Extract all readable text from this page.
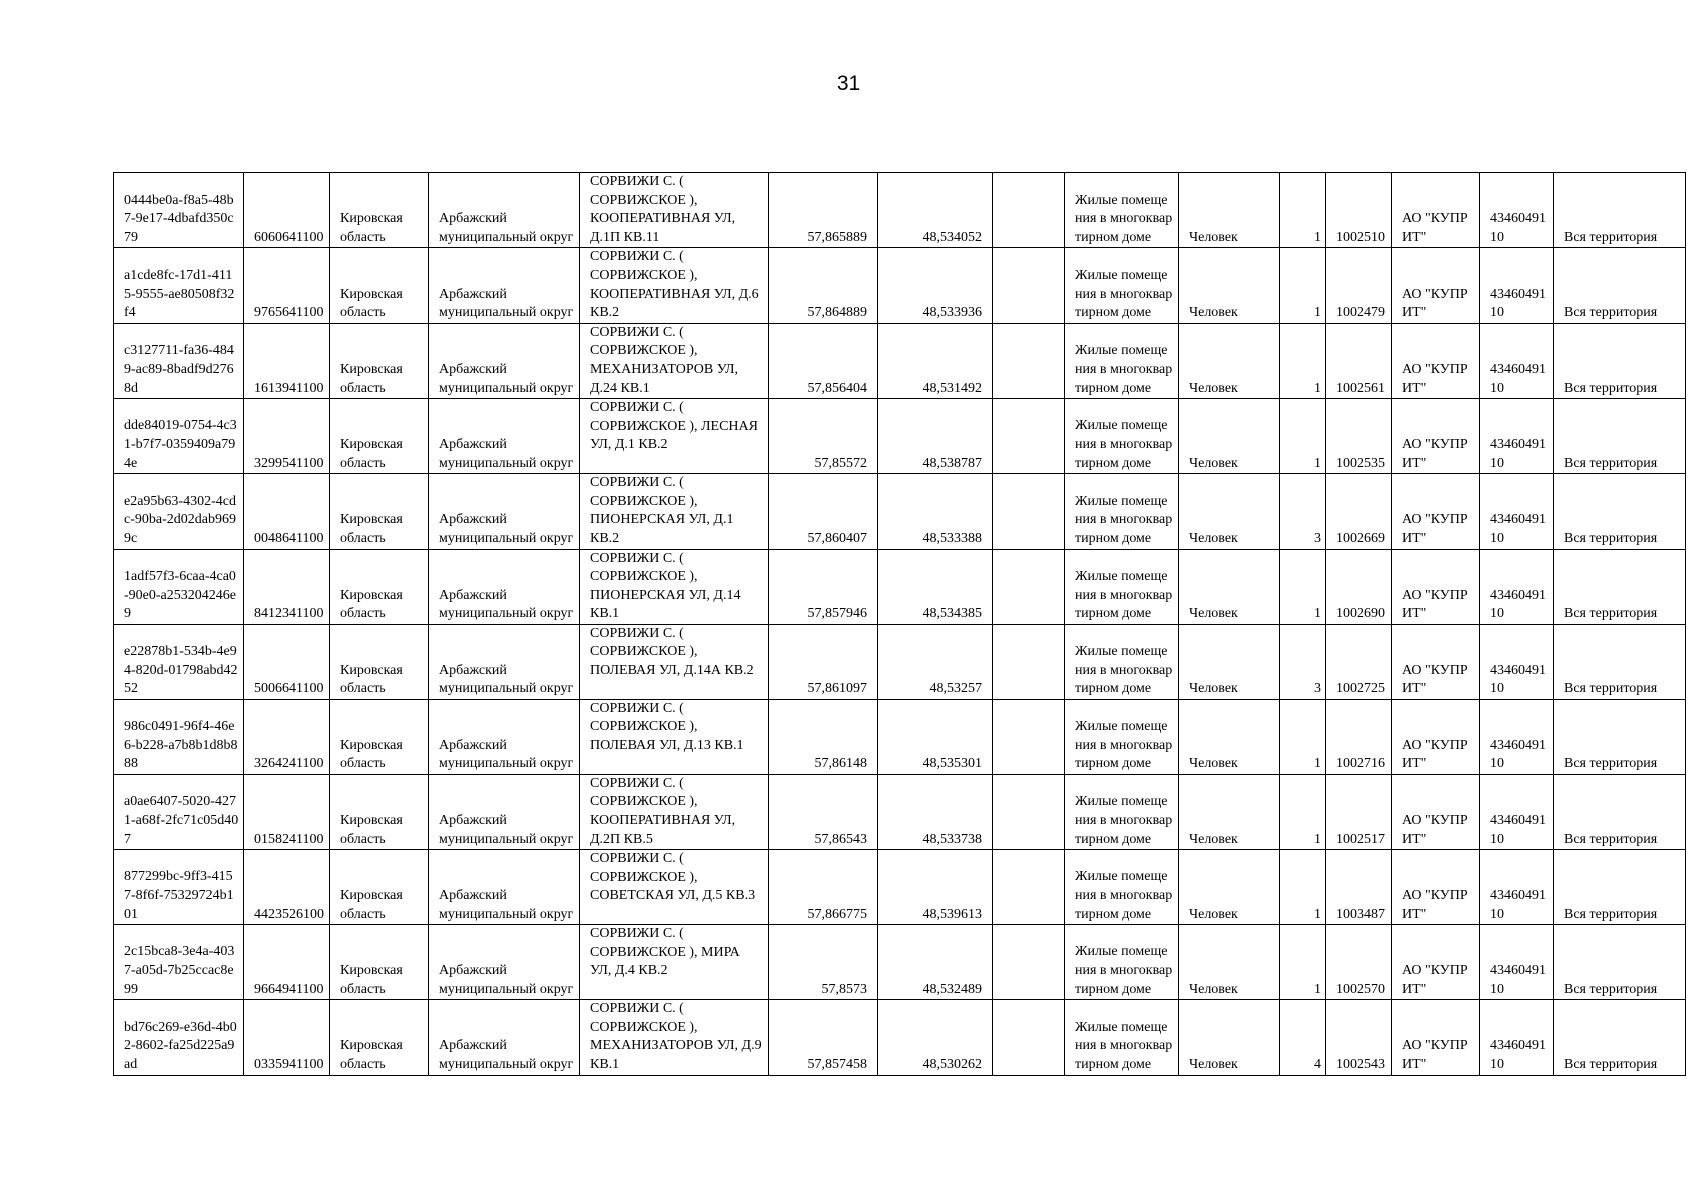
31
0444be0a-f8a5-48b7-9e17-4dbafd350c79	6060641100	Кировская область	Арбажский муниципальный округ	СОРВИЖИ С. ( СОРВИЖСКОЕ ), КООПЕРАТИВНАЯ УЛ, Д.1П КВ.11	57,865889	48,534052		Жилые помещения в многоквартирном доме	Человек	1	1002510	АО "КУПРИТ"	4346049110	Вся территория
a1cde8fc-17d1-4115-9555-ae80508f32f4	9765641100	Кировская область	Арбажский муниципальный округ	СОРВИЖИ С. ( СОРВИЖСКОЕ ), КООПЕРАТИВНАЯ УЛ, Д.6 КВ.2	57,864889	48,533936		Жилые помещения в многоквартирном доме	Человек	1	1002479	АО "КУПРИТ"	4346049110	Вся территория
c3127711-fa36-4849-ac89-8badf9d2768d	1613941100	Кировская область	Арбажский муниципальный округ	СОРВИЖИ С. ( СОРВИЖСКОЕ ), МЕХАНИЗАТОРОВ УЛ, Д.24 КВ.1	57,856404	48,531492		Жилые помещения в многоквартирном доме	Человек	1	1002561	АО "КУПРИТ"	4346049110	Вся территория
dde84019-0754-4c31-b7f7-0359409a794e	3299541100	Кировская область	Арбажский муниципальный округ	СОРВИЖИ С. ( СОРВИЖСКОЕ ), ЛЕСНАЯ УЛ, Д.1 КВ.2	57,85572	48,538787		Жилые помещения в многоквартирном доме	Человек	1	1002535	АО "КУПРИТ"	4346049110	Вся территория
e2a95b63-4302-4cdc-90ba-2d02dab9699c	0048641100	Кировская область	Арбажский муниципальный округ	СОРВИЖИ С. ( СОРВИЖСКОЕ ), ПИОНЕРСКАЯ УЛ, Д.1 КВ.2	57,860407	48,533388		Жилые помещения в многоквартирном доме	Человек	3	1002669	АО "КУПРИТ"	4346049110	Вся территория
1adf57f3-6caa-4ca0-90e0-a253204246e9	8412341100	Кировская область	Арбажский муниципальный округ	СОРВИЖИ С. ( СОРВИЖСКОЕ ), ПИОНЕРСКАЯ УЛ, Д.14 КВ.1	57,857946	48,534385		Жилые помещения в многоквартирном доме	Человек	1	1002690	АО "КУПРИТ"	4346049110	Вся территория
e22878b1-534b-4e94-820d-01798abd4252	5006641100	Кировская область	Арбажский муниципальный округ	СОРВИЖИ С. ( СОРВИЖСКОЕ ), ПОЛЕВАЯ УЛ, Д.14А КВ.2	57,861097	48,53257		Жилые помещения в многоквартирном доме	Человек	3	1002725	АО "КУПРИТ"	4346049110	Вся территория
986c0491-96f4-46e6-b228-a7b8b1d8b888	3264241100	Кировская область	Арбажский муниципальный округ	СОРВИЖИ С. ( СОРВИЖСКОЕ ), ПОЛЕВАЯ УЛ, Д.13 КВ.1	57,86148	48,535301		Жилые помещения в многоквартирном доме	Человек	1	1002716	АО "КУПРИТ"	4346049110	Вся территория
a0ae6407-5020-4271-a68f-2fc71c05d407	0158241100	Кировская область	Арбажский муниципальный округ	СОРВИЖИ С. ( СОРВИЖСКОЕ ), КООПЕРАТИВНАЯ УЛ, Д.2П КВ.5	57,86543	48,533738		Жилые помещения в многоквартирном доме	Человек	1	1002517	АО "КУПРИТ"	4346049110	Вся территория
877299bc-9ff3-4157-8f6f-75329724b101	4423526100	Кировская область	Арбажский муниципальный округ	СОРВИЖИ С. ( СОРВИЖСКОЕ ), СОВЕТСКАЯ УЛ, Д.5 КВ.3	57,866775	48,539613		Жилые помещения в многоквартирном доме	Человек	1	1003487	АО "КУПРИТ"	4346049110	Вся территория
2c15bca8-3e4a-4037-a05d-7b25ccac8e99	9664941100	Кировская область	Арбажский муниципальный округ	СОРВИЖИ С. ( СОРВИЖСКОЕ ), МИРА УЛ, Д.4 КВ.2	57,8573	48,532489		Жилые помещения в многоквартирном доме	Человек	1	1002570	АО "КУПРИТ"	4346049110	Вся территория
bd76c269-e36d-4b02-8602-fa25d225a9ad	0335941100	Кировская область	Арбажский муниципальный округ	СОРВИЖИ С. ( СОРВИЖСКОЕ ), МЕХАНИЗАТОРОВ УЛ, Д.9 КВ.1	57,857458	48,530262		Жилые помещения в многоквартирном доме	Человек	4	1002543	АО "КУПРИТ"	4346049110	Вся территория
